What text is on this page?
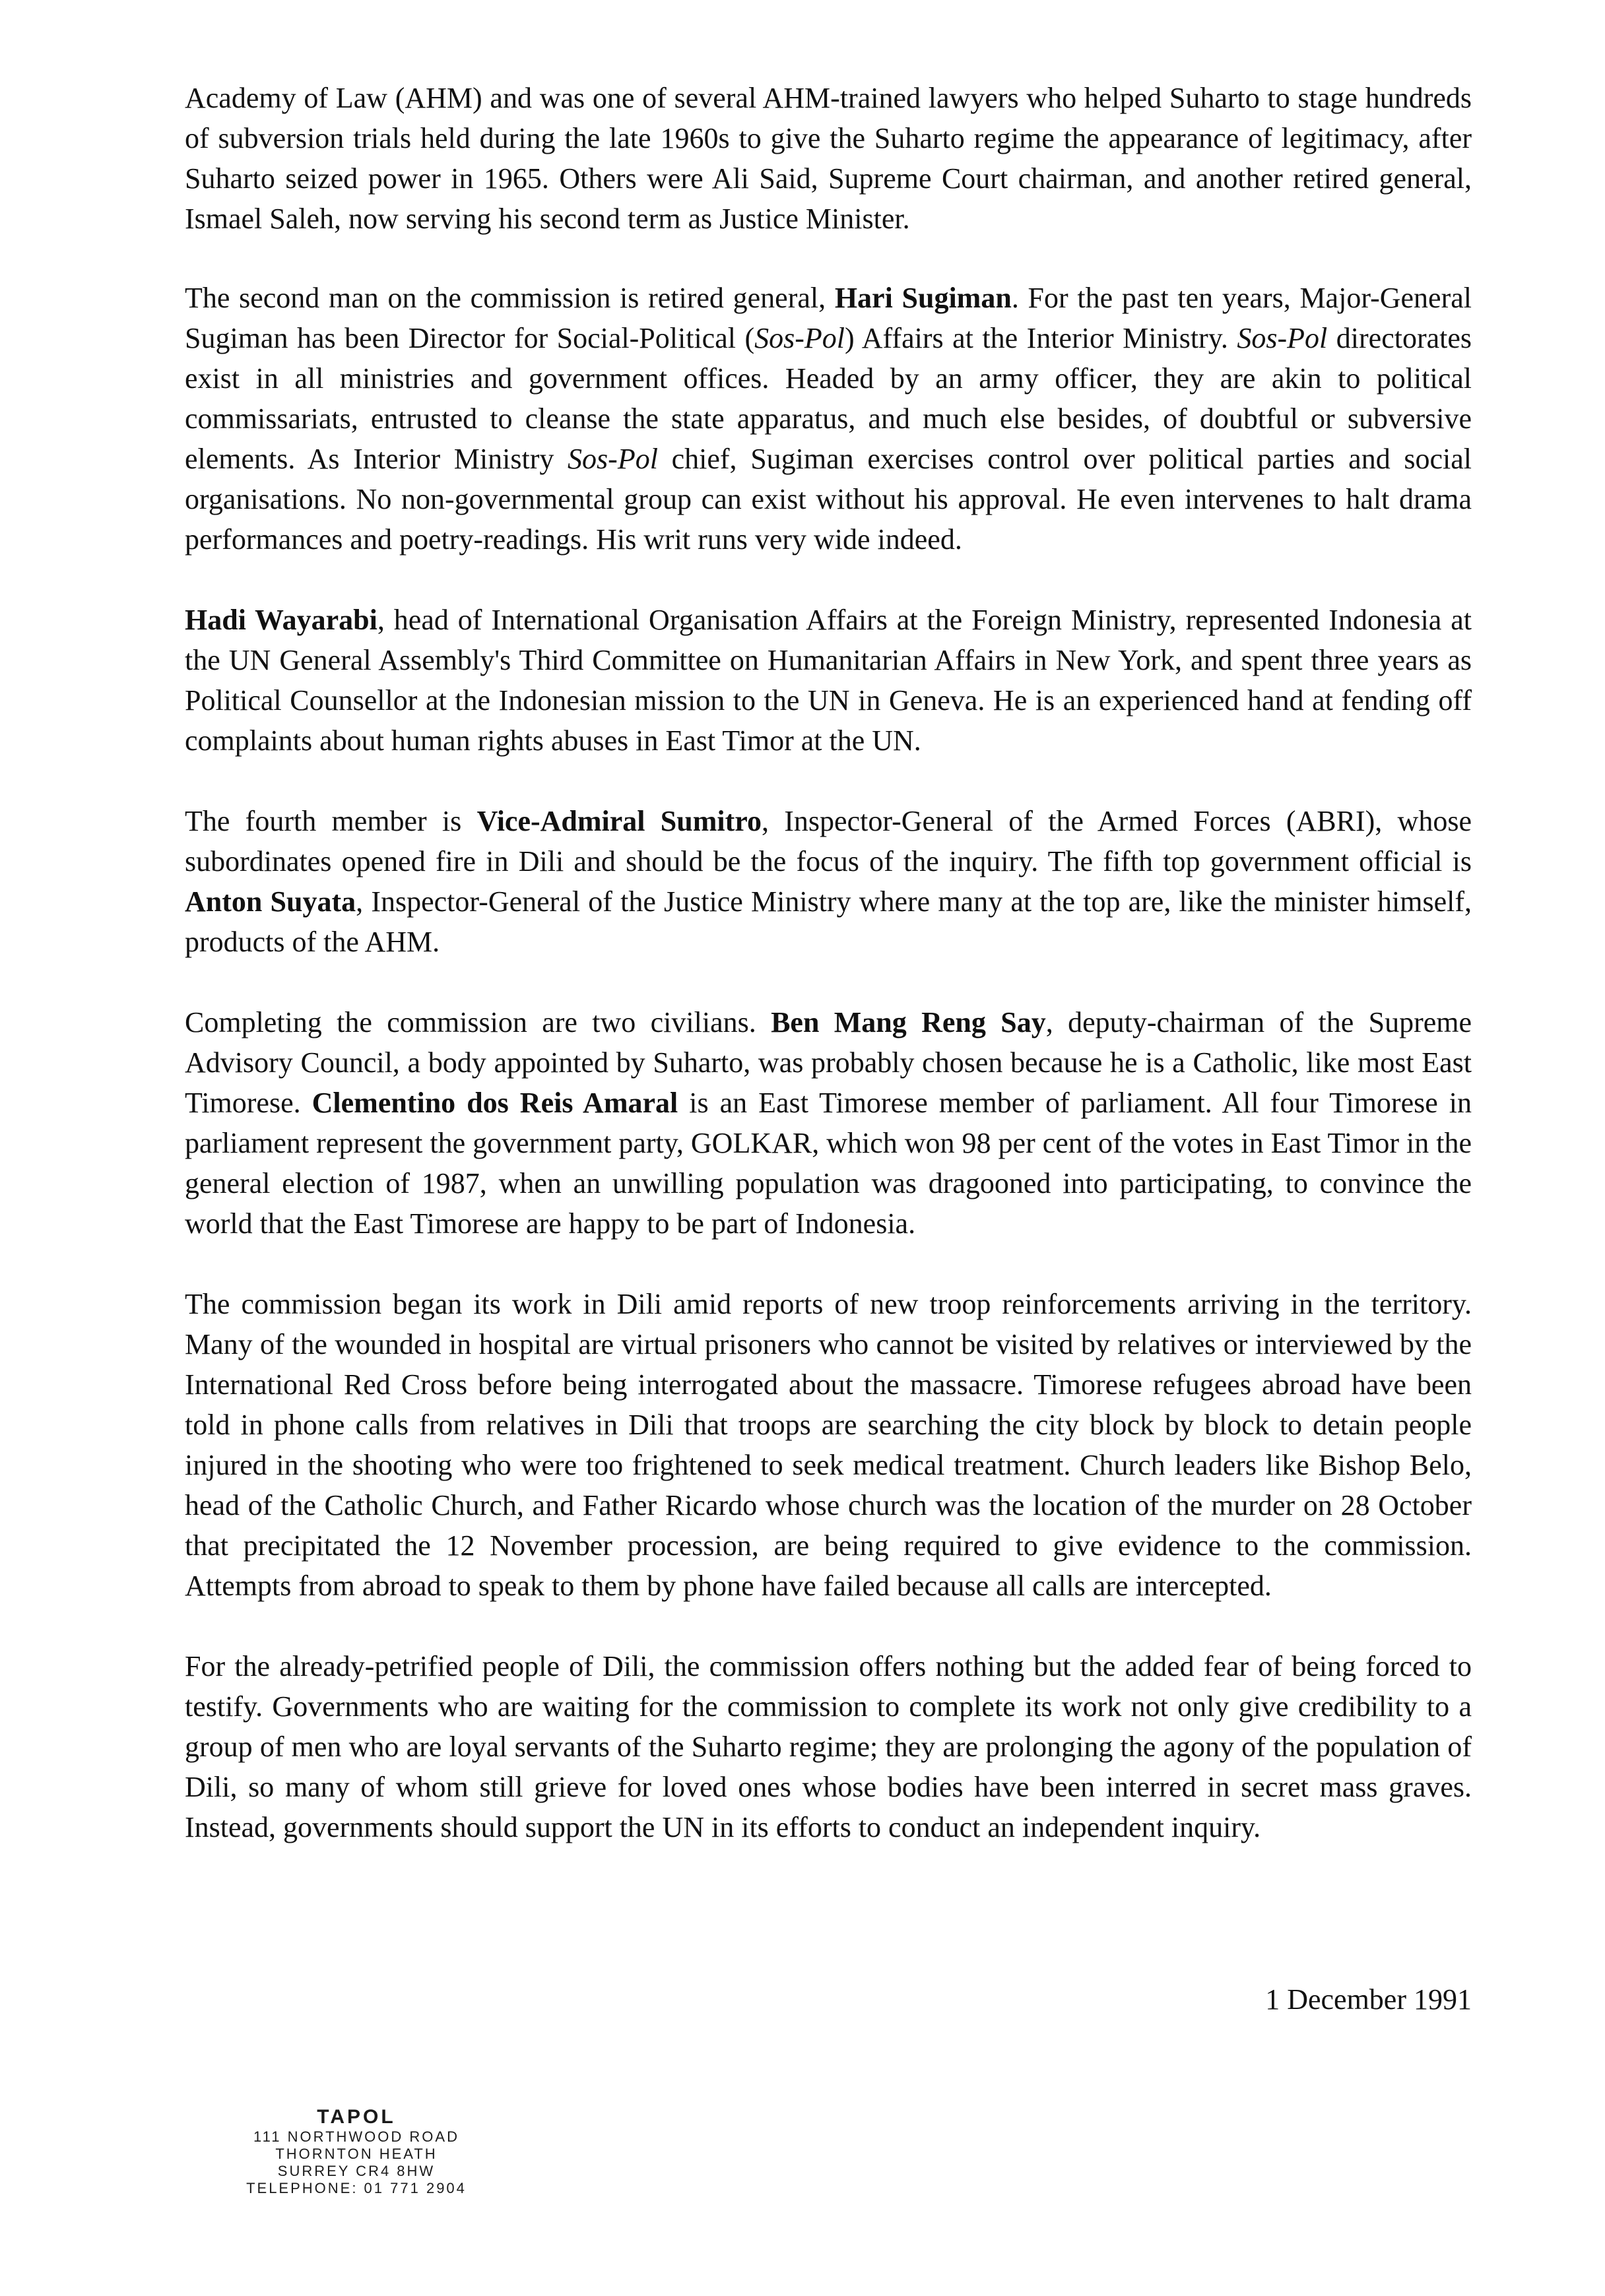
Academy of Law (AHM) and was one of several AHM-trained lawyers who helped Suharto to stage hundreds of subversion trials held during the late 1960s to give the Suharto regime the appearance of legitimacy, after Suharto seized power in 1965. Others were Ali Said, Supreme Court chairman, and another retired general, Ismael Saleh, now serving his second term as Justice Minister.

The second man on the commission is retired general, Hari Sugiman. For the past ten years, Major-General Sugiman has been Director for Social-Political (Sos-Pol) Affairs at the Interior Ministry. Sos-Pol directorates exist in all ministries and government offices. Headed by an army officer, they are akin to political commissariats, entrusted to cleanse the state apparatus, and much else besides, of doubtful or subversive elements. As Interior Ministry Sos-Pol chief, Sugiman exercises control over political parties and social organisations. No non-governmental group can exist without his approval. He even intervenes to halt drama performances and poetry-readings. His writ runs very wide indeed.

Hadi Wayarabi, head of International Organisation Affairs at the Foreign Ministry, represented Indonesia at the UN General Assembly's Third Committee on Humanitarian Affairs in New York, and spent three years as Political Counsellor at the Indonesian mission to the UN in Geneva. He is an experienced hand at fending off complaints about human rights abuses in East Timor at the UN.

The fourth member is Vice-Admiral Sumitro, Inspector-General of the Armed Forces (ABRI), whose subordinates opened fire in Dili and should be the focus of the inquiry. The fifth top government official is Anton Suyata, Inspector-General of the Justice Ministry where many at the top are, like the minister himself, products of the AHM.

Completing the commission are two civilians. Ben Mang Reng Say, deputy-chairman of the Supreme Advisory Council, a body appointed by Suharto, was probably chosen because he is a Catholic, like most East Timorese. Clementino dos Reis Amaral is an East Timorese member of parliament. All four Timorese in parliament represent the government party, GOLKAR, which won 98 per cent of the votes in East Timor in the general election of 1987, when an unwilling population was dragooned into participating, to convince the world that the East Timorese are happy to be part of Indonesia.

The commission began its work in Dili amid reports of new troop reinforcements arriving in the territory. Many of the wounded in hospital are virtual prisoners who cannot be visited by relatives or interviewed by the International Red Cross before being interrogated about the massacre. Timorese refugees abroad have been told in phone calls from relatives in Dili that troops are searching the city block by block to detain people injured in the shooting who were too frightened to seek medical treatment. Church leaders like Bishop Belo, head of the Catholic Church, and Father Ricardo whose church was the location of the murder on 28 October that precipitated the 12 November procession, are being required to give evidence to the commission. Attempts from abroad to speak to them by phone have failed because all calls are intercepted.

For the already-petrified people of Dili, the commission offers nothing but the added fear of being forced to testify. Governments who are waiting for the commission to complete its work not only give credibility to a group of men who are loyal servants of the Suharto regime; they are prolonging the agony of the population of Dili, so many of whom still grieve for loved ones whose bodies have been interred in secret mass graves. Instead, governments should support the UN in its efforts to conduct an independent inquiry.

1 December 1991
TAPOL
111 NORTHWOOD ROAD
THORNTON HEATH
SURREY CR4 8HW
TELEPHONE: 01 771 2904
